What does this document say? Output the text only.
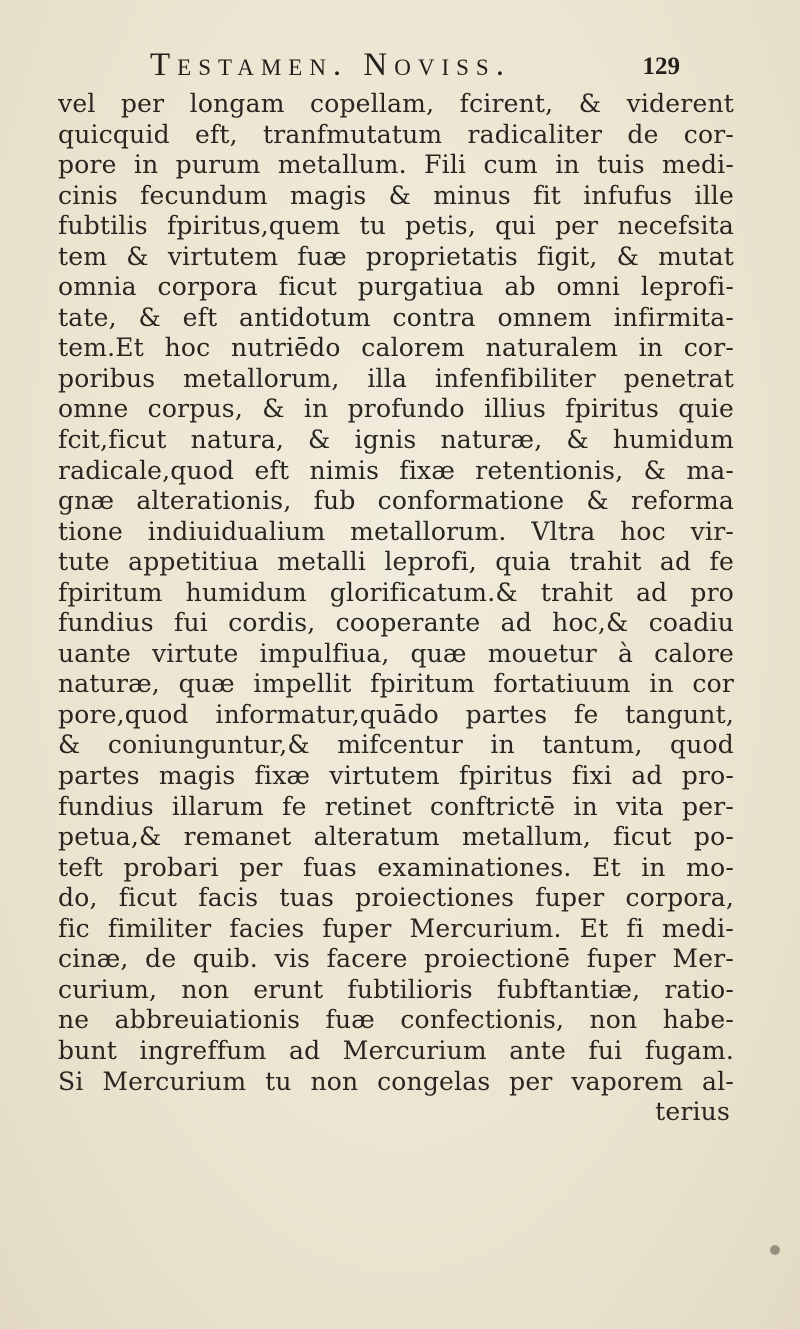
Testamen. Noviss.	129
vel per longam copellam, fcirent, & viderent
quicquid eft, tranfmutatum radicaliter de cor-
pore in purum metallum. Fili cum in tuis medi-
cinis fecundum magis & minus fit infufus ille
fubtilis fpiritus,quem tu petis, qui per necefsita
tem & virtutem fuæ proprietatis figit, & mutat
omnia corpora ficut purgatiua ab omni leprofi-
tate, & eft antidotum contra omnem infirmita-
tem.Et hoc nutriēdo calorem naturalem in cor-
poribus metallorum, illa infenfibiliter penetrat
omne corpus, & in profundo illius fpiritus quie
fcit,ficut natura, & ignis naturæ, & humidum
radicale,quod eft nimis fixæ retentionis, & ma-
gnæ alterationis, fub conformatione & reforma
tione indiuidualium metallorum. Vltra hoc vir-
tute appetitiua metalli leprofi, quia trahit ad fe
fpiritum humidum glorificatum.& trahit ad pro
fundius fui cordis, cooperante ad hoc,& coadiu
uante virtute impulfiua, quæ mouetur à calore
naturæ, quæ impellit fpiritum fortatiuum in cor
pore,quod informatur,quādo partes fe tangunt,
& coniunguntur,& mifcentur in tantum, quod
partes magis fixæ virtutem fpiritus fixi ad pro-
fundius illarum fe retinet conftrictē in vita per-
petua,& remanet alteratum metallum, ficut po-
teft probari per fuas examinationes. Et in mo-
do, ficut facis tuas proiectiones fuper corpora,
fic fimiliter facies fuper Mercurium. Et fi medi-
cinæ, de quib. vis facere proiectionē fuper Mer-
curium, non erunt fubtilioris fubftantiæ, ratio-
ne abbreuiationis fuæ confectionis, non habe-
bunt ingreffum ad Mercurium ante fui fugam.
Si Mercurium tu non congelas per vaporem al-
terius
